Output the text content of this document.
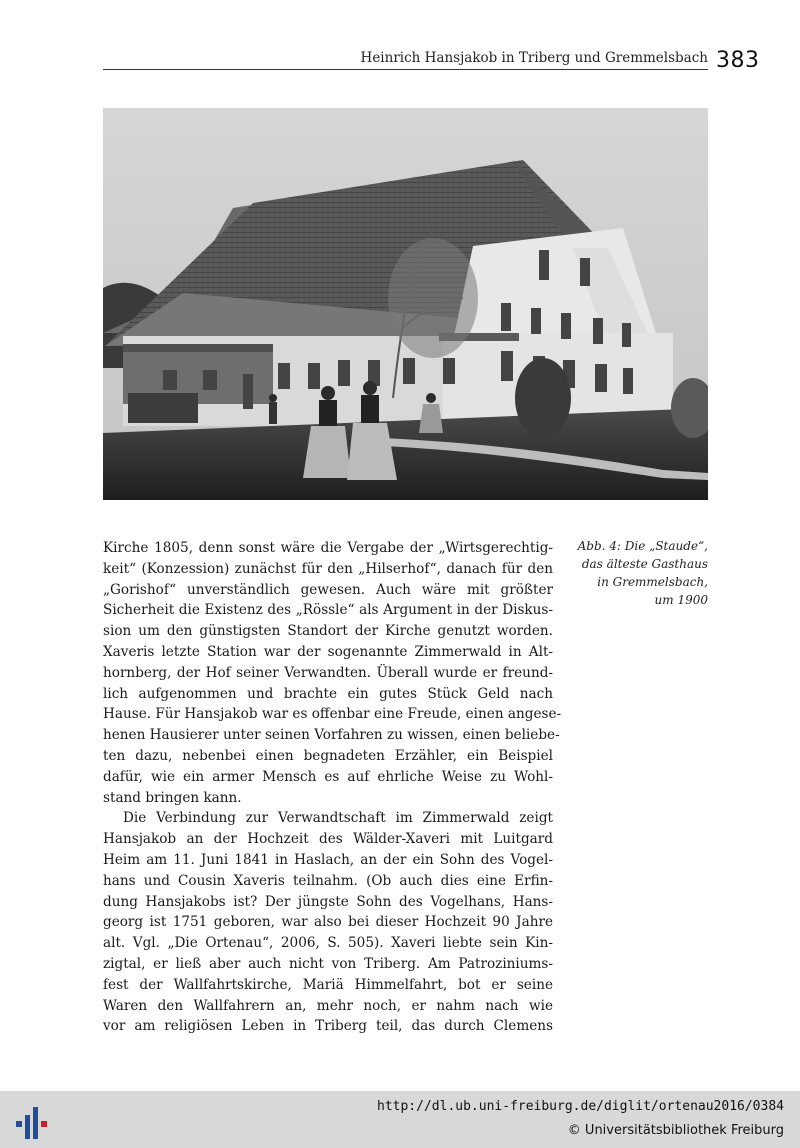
Heinrich Hansjakob in Triberg und Gremmelsbach 383
Abb. 4: Die „Staude“,
das älteste Gasthaus
in Gremmelsbach,
um 1900
Kirche 1805, denn sonst wäre die Vergabe der „Wirtsgerechtig-
keit“ (Konzession) zunächst für den „Hilserhof“, danach für den
„Gorishof“ unverständlich gewesen. Auch wäre mit größter
Sicherheit die Existenz des „Rössle“ als Argument in der Diskus-
sion um den günstigsten Standort der Kirche genutzt worden.
Xaveris letzte Station war der sogenannte Zimmerwald in Alt-
hornberg, der Hof seiner Verwandten. Überall wurde er freund-
lich aufgenommen und brachte ein gutes Stück Geld nach
Hause. Für Hansjakob war es offenbar eine Freude, einen angese-
henen Hausierer unter seinen Vorfahren zu wissen, einen beliebe-
ten dazu, nebenbei einen begnadeten Erzähler, ein Beispiel
dafür, wie ein armer Mensch es auf ehrliche Weise zu Wohl-
stand bringen kann.
Die Verbindung zur Verwandtschaft im Zimmerwald zeigt
Hansjakob an der Hochzeit des Wälder-Xaveri mit Luitgard
Heim am 11. Juni 1841 in Haslach, an der ein Sohn des Vogel-
hans und Cousin Xaveris teilnahm. (Ob auch dies eine Erfin-
dung Hansjakobs ist? Der jüngste Sohn des Vogelhans, Hans-
georg ist 1751 geboren, war also bei dieser Hochzeit 90 Jahre
alt. Vgl. „Die Ortenau“, 2006, S. 505). Xaveri liebte sein Kin-
zigtal, er ließ aber auch nicht von Triberg. Am Patroziniums-
fest der Wallfahrtskirche, Mariä Himmelfahrt, bot er seine
Waren den Wallfahrern an, mehr noch, er nahm nach wie
vor am religiösen Leben in Triberg teil, das durch Clemens
http://dl.ub.uni-freiburg.de/diglit/ortenau2016/0384
© Universitätsbibliothek Freiburg
